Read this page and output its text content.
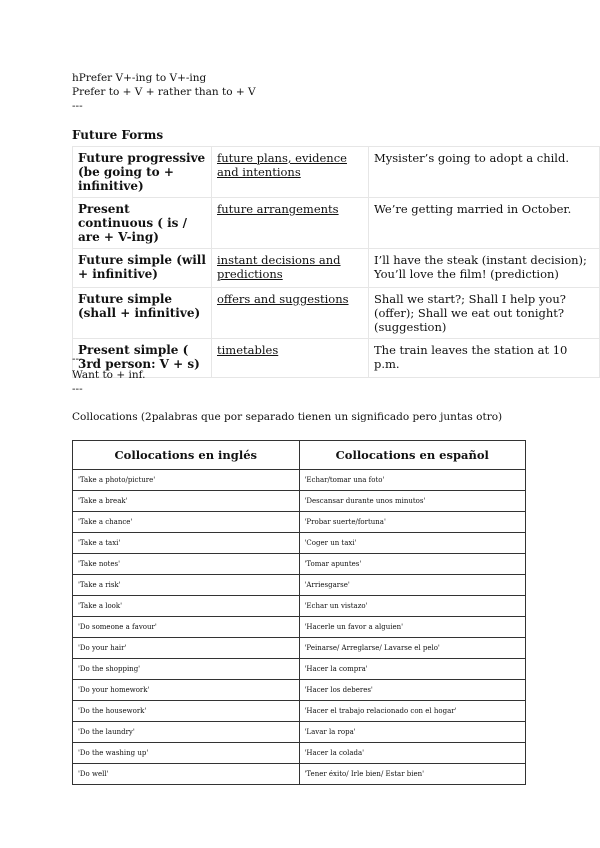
hPrefer V+-ing to V+-ing
Prefer to + V + rather than to + V
---
Future Forms
Future progressive (be going to + infinitive)	future plans, evidence and intentions	Mysister’s going to adopt a child.
Present continuous ( is / are + V-ing)	future arrangements	We’re getting married in October.
Future simple (will + infinitive)	instant decisions and predictions	I’ll have the steak (instant decision); You’ll love the film! (prediction)
Future simple (shall + infinitive)	offers and suggestions	Shall we start?; Shall I help you? (offer); Shall we eat out tonight? (suggestion)
Present simple ( 3rd person: V + s)	timetables	The train leaves the station at 10 p.m.
---
Want to + inf.
---
Collocations (2palabras que por separado tienen un significado pero juntas otro)
Collocations en inglés	Collocations en español
'Take a photo/picture'	'Echar/tomar una foto'
'Take a break'	'Descansar durante unos minutos'
'Take a chance'	'Probar suerte/fortuna'
'Take a taxi'	'Coger un taxi'
'Take notes'	'Tomar apuntes'
'Take a risk'	'Arriesgarse'
'Take a look'	'Echar un vistazo'
'Do someone a favour'	'Hacerle un favor a alguien'
'Do your hair'	'Peinarse/ Arreglarse/ Lavarse el pelo'
'Do the shopping'	'Hacer la compra'
'Do your homework'	'Hacer los deberes'
'Do the housework'	'Hacer el trabajo relacionado con el hogar'
'Do the laundry'	'Lavar la ropa'
'Do the washing up'	'Hacer la colada'
'Do well'	'Tener éxito/ Irle bien/ Estar bien'
